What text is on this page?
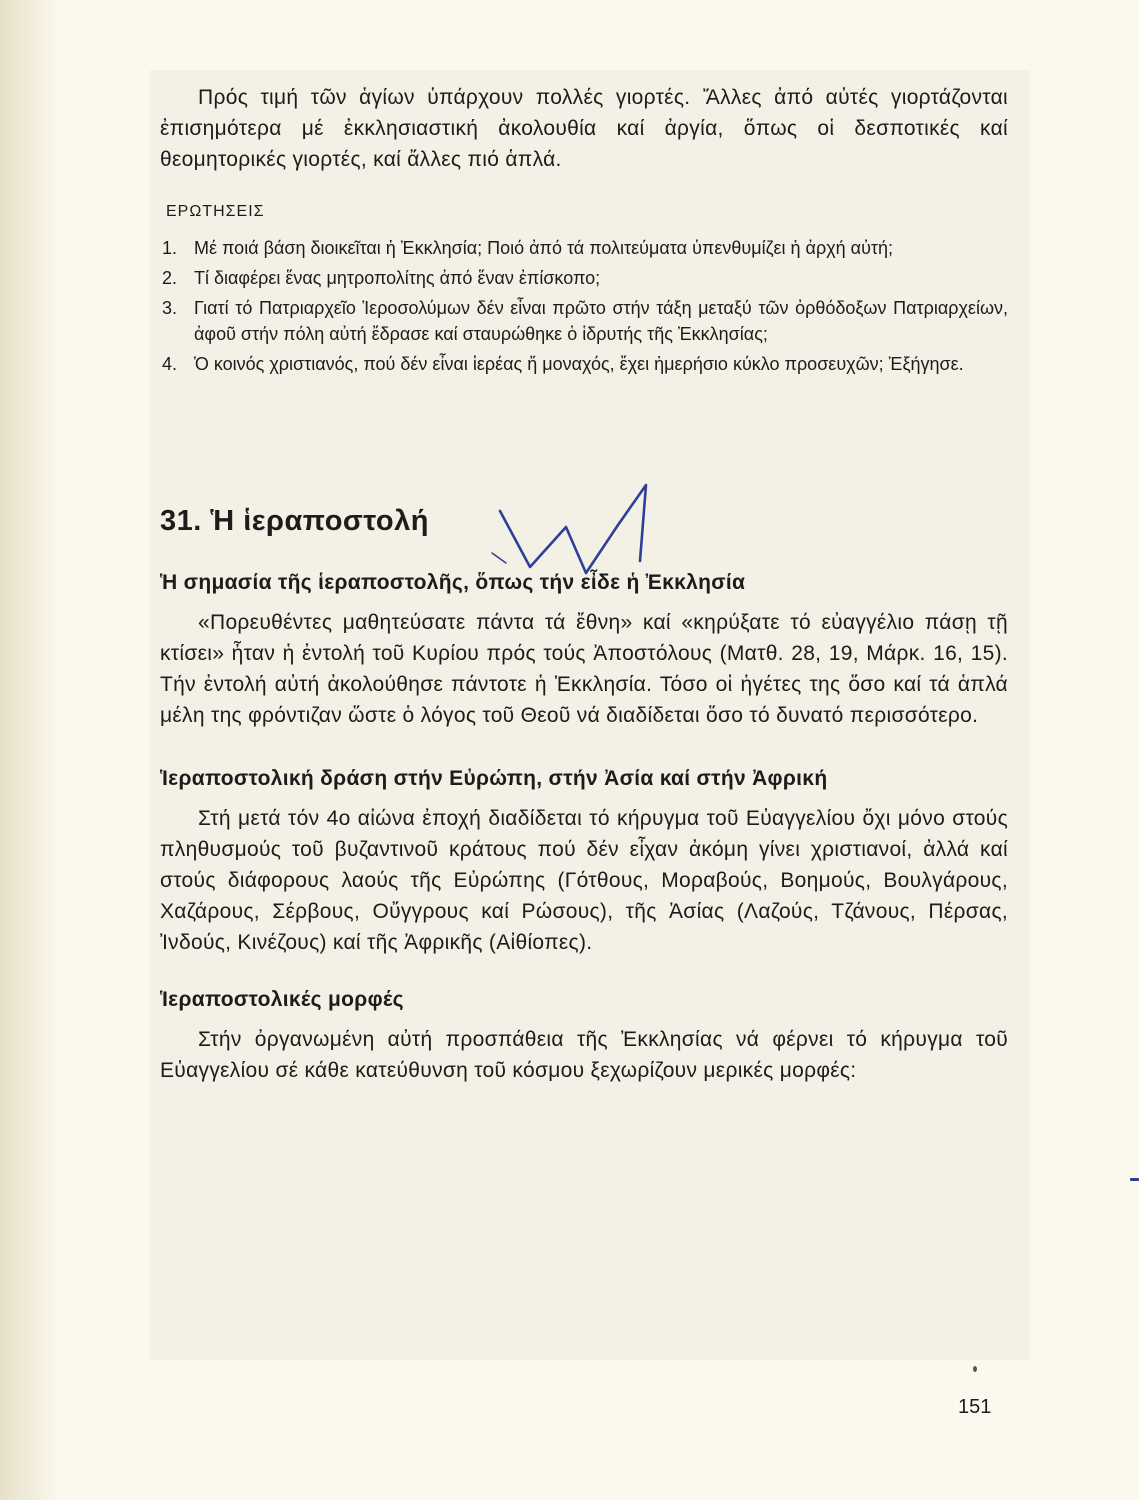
Πρός τιμή τῶν ἁγίων ὑπάρχουν πολλές γιορτές. Ἄλλες ἀπό αὐτές γιορτάζονται ἐπισημότερα μέ ἐκκλησιαστική ἀκολουθία καί ἀργία, ὅπως οἱ δεσποτικές καί θεομητορικές γιορτές, καί ἄλλες πιό ἁπλά.

ΕΡΩΤΗΣΕΙΣ
1. Μέ ποιά βάση διοικεῖται ἡ Ἐκκλησία; Ποιό ἀπό τά πολιτεύματα ὑπενθυμίζει ἡ ἀρχή αὐτή;
2. Τί διαφέρει ἕνας μητροπολίτης ἀπό ἕναν ἐπίσκοπο;
3. Γιατί τό Πατριαρχεῖο Ἱεροσολύμων δέν εἶναι πρῶτο στήν τάξη μεταξύ τῶν ὀρθόδοξων Πατριαρχείων, ἀφοῦ στήν πόλη αὐτή ἔδρασε καί σταυρώθηκε ὁ ἱδρυτής τῆς Ἐκκλησίας;
4. Ὁ κοινός χριστιανός, πού δέν εἶναι ἱερέας ἤ μοναχός, ἔχει ἡμερήσιο κύκλο προσευχῶν; Ἐξήγησε.
31. Ἡ ἱεραποστολή
Ἡ σημασία τῆς ἱεραποστολῆς, ὅπως τήν εἶδε ἡ Ἐκκλησία

«Πορευθέντες μαθητεύσατε πάντα τά ἔθνη» καί «κηρύξατε τό εὐαγγέλιο πάσῃ τῇ κτίσει» ἦταν ἡ ἐντολή τοῦ Κυρίου πρός τούς Ἀποστόλους (Ματθ. 28, 19, Μάρκ. 16, 15). Τήν ἐντολή αὐτή ἀκολούθησε πάντοτε ἡ Ἐκκλησία. Τόσο οἱ ἡγέτες της ὅσο καί τά ἁπλά μέλη της φρόντιζαν ὥστε ὁ λόγος τοῦ Θεοῦ νά διαδίδεται ὅσο τό δυνατό περισσότερο.

Ἱεραποστολική δράση στήν Εὐρώπη, στήν Ἀσία καί στήν Ἀφρική

Στή μετά τόν 4ο αἰώνα ἐποχή διαδίδεται τό κήρυγμα τοῦ Εὐαγγελίου ὄχι μόνο στούς πληθυσμούς τοῦ βυζαντινοῦ κράτους πού δέν εἶχαν ἀκόμη γίνει χριστιανοί, ἀλλά καί στούς διάφορους λαούς τῆς Εὐρώπης (Γότθους, Μοραβούς, Βοημούς, Βουλγάρους, Χαζάρους, Σέρβους, Οὔγγρους καί Ρώσους), τῆς Ἀσίας (Λαζούς, Τζάνους, Πέρσας, Ἰνδούς, Κινέζους) καί τῆς Ἀφρικῆς (Αἰθίοπες).

Ἱεραποστολικές μορφές

Στήν ὀργανωμένη αὐτή προσπάθεια τῆς Ἐκκλησίας νά φέρνει τό κήρυγμα τοῦ Εὐαγγελίου σέ κάθε κατεύθυνση τοῦ κόσμου ξεχωρίζουν μερικές μορφές:

151
